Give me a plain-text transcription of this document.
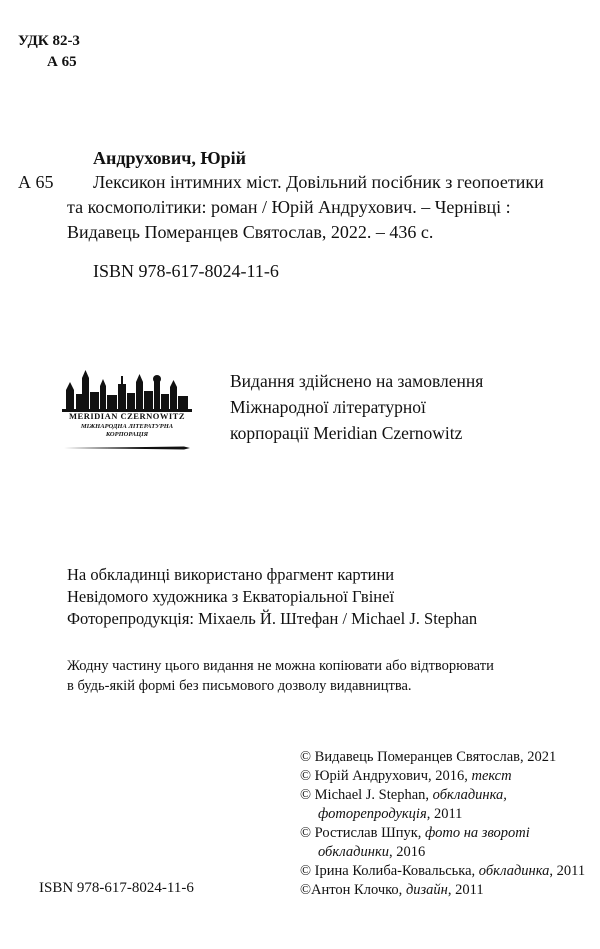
УДК 82-3
А 65
Андрухович, Юрій
А 65 Лексикон інтимних міст. Довільний посібник з геопоетики
та космополітики: роман / Юрій Андрухович. – Чернівці :
Видавець Померанцев Святослав, 2022. – 436 с.
ISBN 978-617-8024-11-6
MERIDIAN CZERNOWITZ
МІЖНАРОДНА ЛІТЕРАТУРНА
КОРПОРАЦІЯ
Видання здійснено на замовлення
Міжнародної літературної
корпорації Meridian Czernowitz
На обкладинці використано фрагмент картини
Невідомого художника з Екваторіальної Гвінеї
Фоторепродукція: Міхаель Й. Штефан / Michael J. Stephan
Жодну частину цього видання не можна копіювати або відтворювати
в будь-якій формі без письмового дозволу видавництва.
© Видавець Померанцев Святослав, 2021
© Юрій Андрухович, 2016, текст
© Michael J. Stephan, обкладинка,
фоторепродукція, 2011
© Ростислав Шпук, фото на звороті
обкладинки, 2016
© Ірина Колиба-Ковальська, обкладинка, 2011
©Антон Клочко, дизайн, 2011
ISBN 978-617-8024-11-6
